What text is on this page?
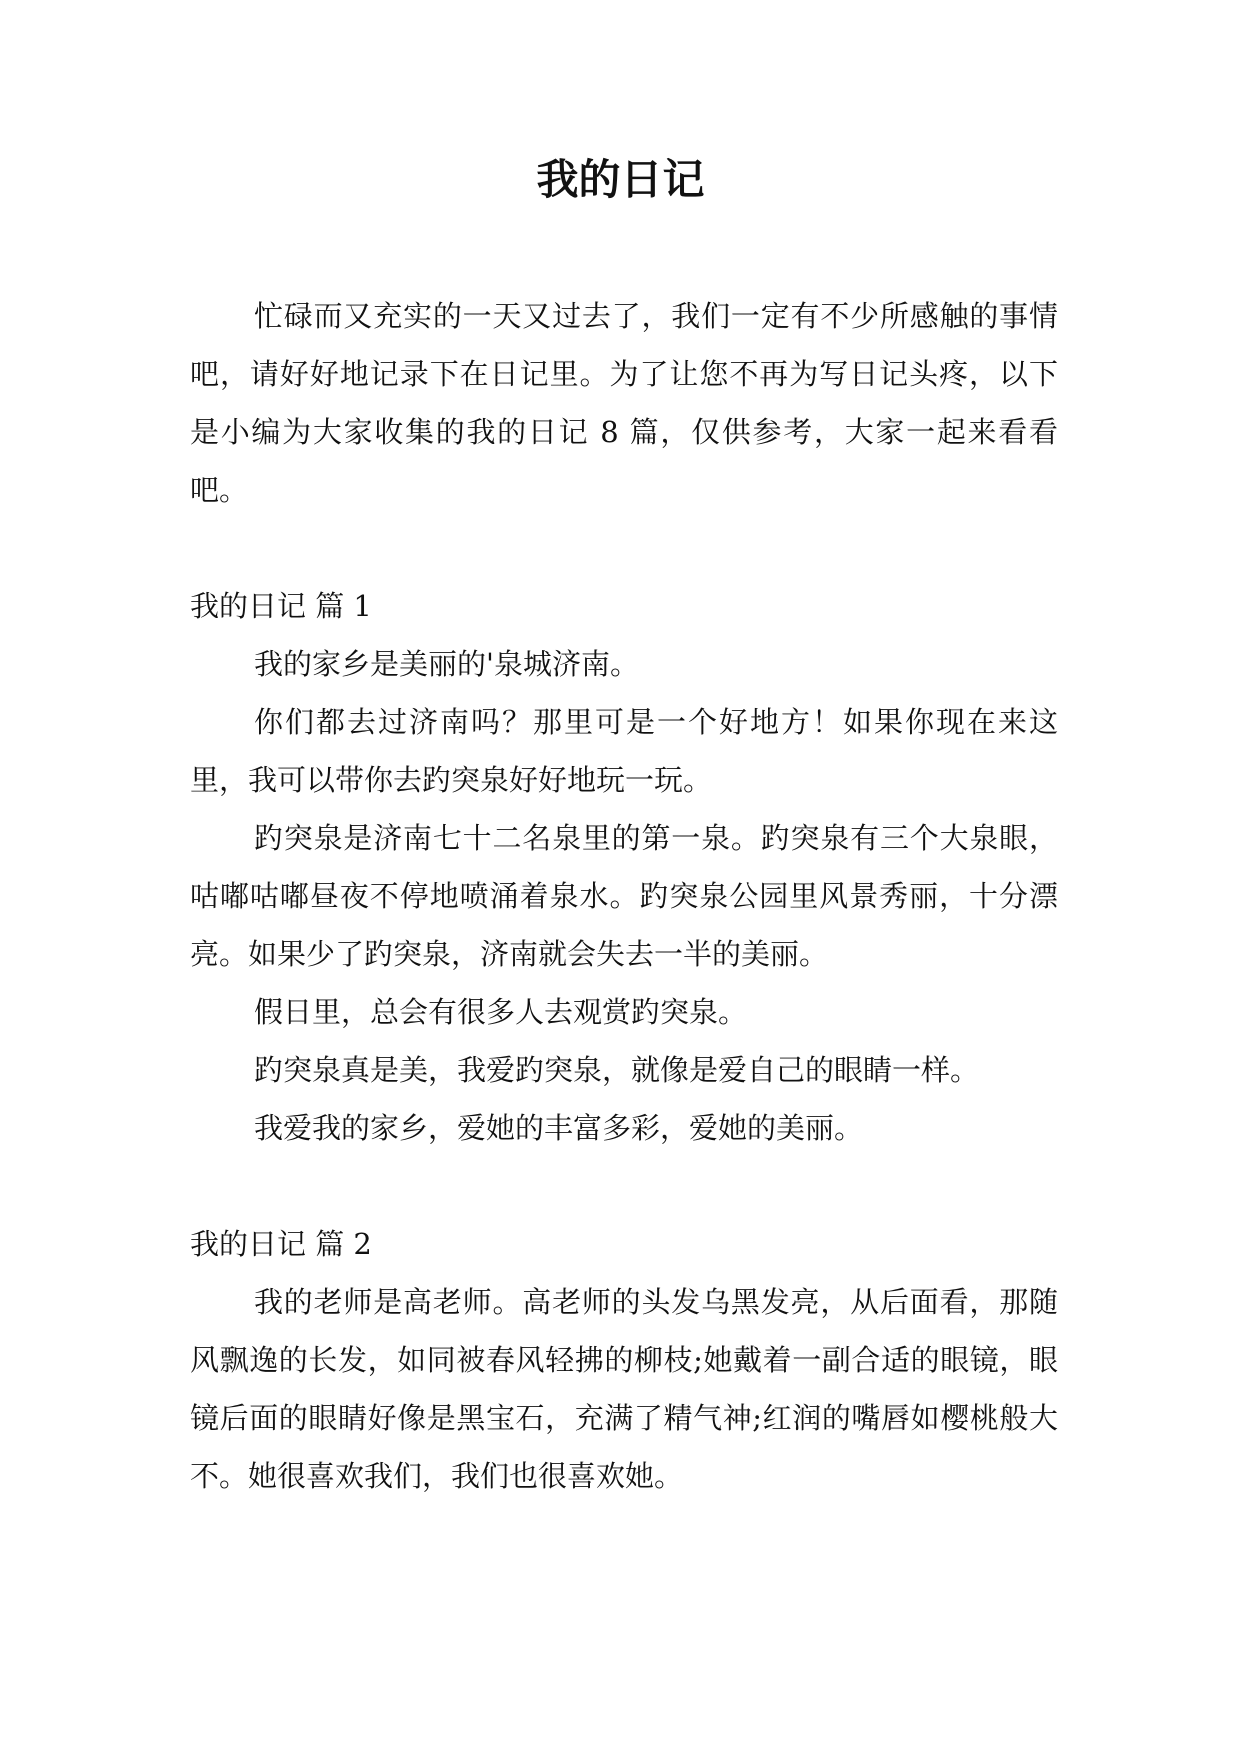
我的日记

忙碌而又充实的一天又过去了，我们一定有不少所感触的事情吧，请好好地记录下在日记里。为了让您不再为写日记头疼，以下是小编为大家收集的我的日记 8 篇，仅供参考，大家一起来看看吧。

我的日记 篇 1

我的家乡是美丽的'泉城济南。

你们都去过济南吗？那里可是一个好地方！如果你现在来这里，我可以带你去趵突泉好好地玩一玩。

趵突泉是济南七十二名泉里的第一泉。趵突泉有三个大泉眼，咕嘟咕嘟昼夜不停地喷涌着泉水。趵突泉公园里风景秀丽，十分漂亮。如果少了趵突泉，济南就会失去一半的美丽。

假日里，总会有很多人去观赏趵突泉。

趵突泉真是美，我爱趵突泉，就像是爱自己的眼睛一样。

我爱我的家乡，爱她的丰富多彩，爱她的美丽。

我的日记 篇 2

我的老师是高老师。高老师的头发乌黑发亮，从后面看，那随风飘逸的长发，如同被春风轻拂的柳枝;她戴着一副合适的眼镜，眼镜后面的眼睛好像是黑宝石，充满了精气神;红润的嘴唇如樱桃般大不。她很喜欢我们，我们也很喜欢她。
